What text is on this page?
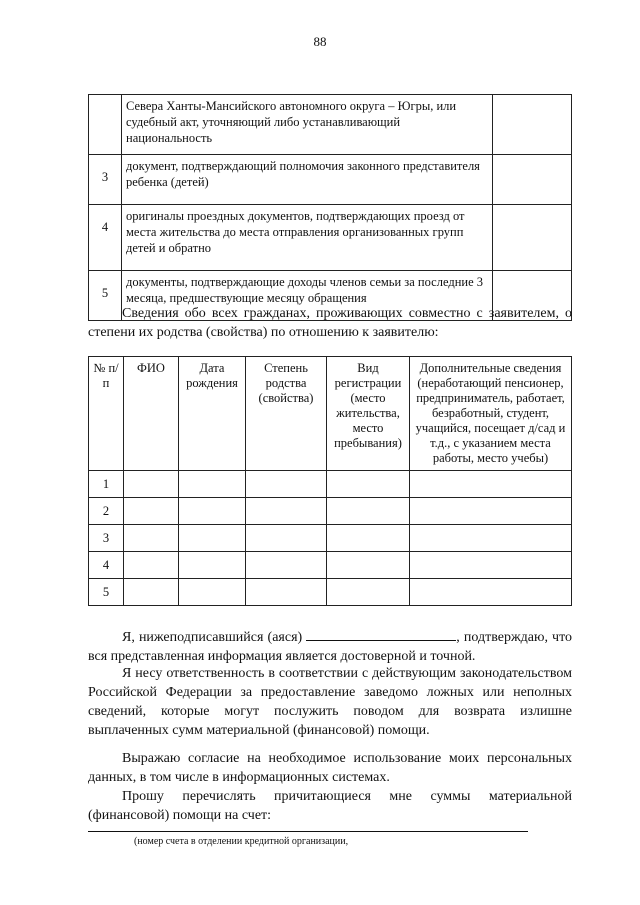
88
	Севера Ханты-Мансийского автономного округа – Югры, или судебный акт, уточняющий либо устанавливающий национальность	
3	документ, подтверждающий полномочия законного представителя ребенка (детей)	
4	оригиналы проездных документов, подтверждающих проезд от места жительства до места отправления организованных групп детей и обратно	
5	документы, подтверждающие доходы членов семьи за последние 3 месяца, предшествующие месяцу обращения	
Сведения обо всех гражданах, проживающих совместно с заявителем, о степени их родства (свойства) по отношению к заявителю:
№ п/п	ФИО	Дата рождения	Степень родства (свойства)	Вид регистрации (место жительства, место пребывания)	Дополнительные сведения (неработающий пенсионер, предприниматель, работает, безработный, студент, учащийся, посещает д/сад и т.д., с указанием места работы, место учебы)
1					
2					
3					
4					
5					
Я, нижеподписавшийся (аяся)	, подтверждаю, что вся представленная информация является достоверной и точной.
Я несу ответственность в соответствии с действующим законодательством Российской Федерации за предоставление заведомо ложных или неполных сведений, которые могут послужить поводом для возврата излишне выплаченных сумм материальной (финансовой) помощи.
Выражаю согласие на необходимое использование моих персональных данных, в том числе в информационных системах.
Прошу перечислять причитающиеся мне суммы материальной (финансовой) помощи на счет:
(номер счета в отделении кредитной организации,
